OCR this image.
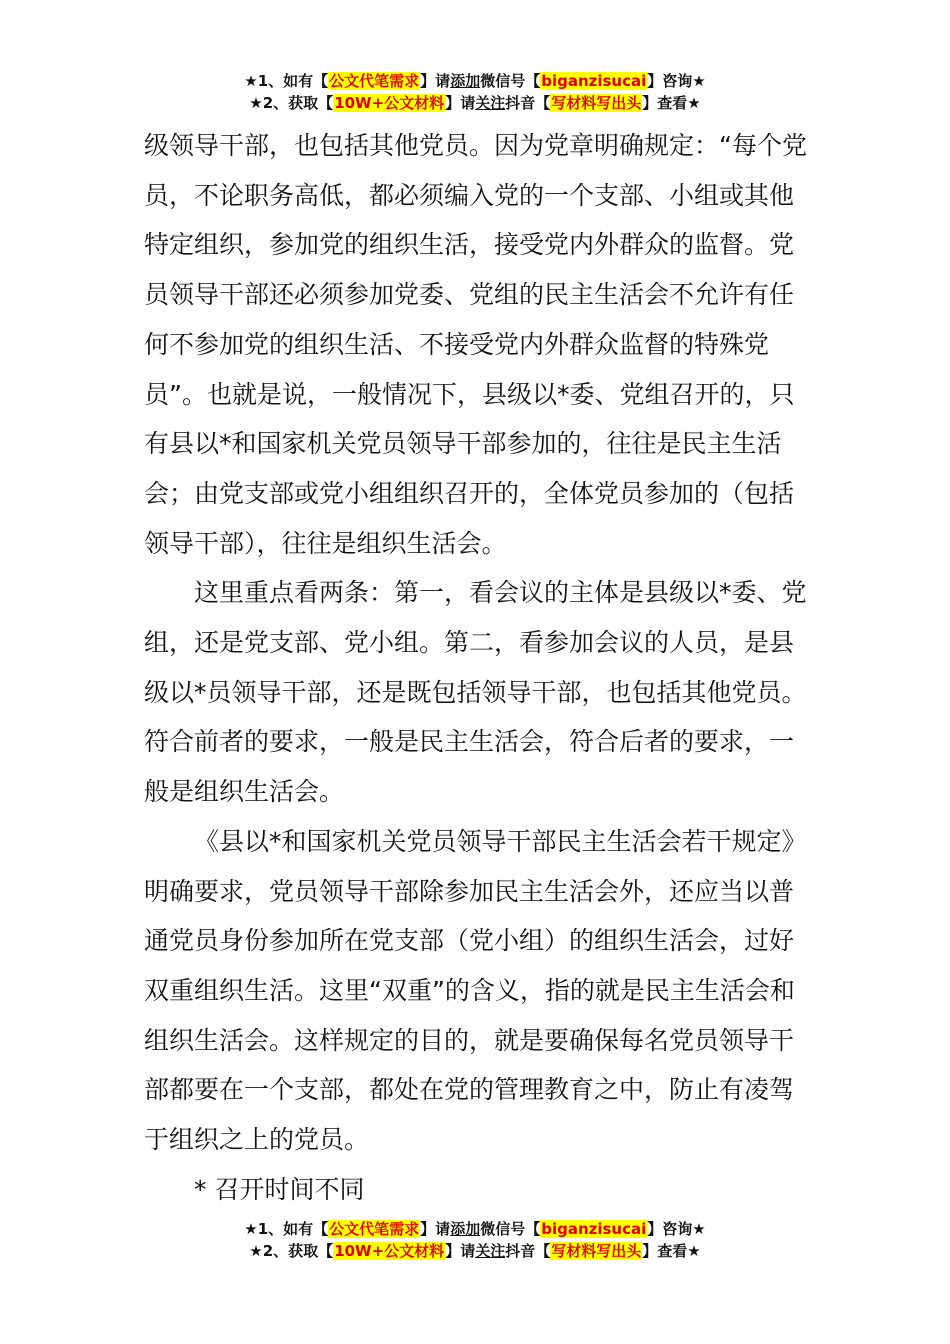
★1、如有【公文代笔需求】请添加微信号【biganzisucai】咨询★
★2、获取【10W+公文材料】请关注抖音【写材料写出头】查看★

级领导干部，也包括其他党员。因为党章明确规定：“每个党员，不论职务高低，都必须编入党的一个支部、小组或其他特定组织，参加党的组织生活，接受党内外群众的监督。党员领导干部还必须参加党委、党组的民主生活会不允许有任何不参加党的组织生活、不接受党内外群众监督的特殊党员”。也就是说，一般情况下，县级以*委、党组召开的，只有县以*和国家机关党员领导干部参加的，往往是民主生活会；由党支部或党小组组织召开的，全体党员参加的（包括领导干部），往往是组织生活会。

这里重点看两条：第一，看会议的主体是县级以*委、党组，还是党支部、党小组。第二，看参加会议的人员，是县级以*员领导干部，还是既包括领导干部，也包括其他党员。符合前者的要求，一般是民主生活会，符合后者的要求，一般是组织生活会。

《县以*和国家机关党员领导干部民主生活会若干规定》明确要求，党员领导干部除参加民主生活会外，还应当以普通党员身份参加所在党支部（党小组）的组织生活会，过好双重组织生活。这里“双重”的含义，指的就是民主生活会和组织生活会。这样规定的目的，就是要确保每名党员领导干部都要在一个支部，都处在党的管理教育之中，防止有凌驾于组织之上的党员。

* 召开时间不同

★1、如有【公文代笔需求】请添加微信号【biganzisucai】咨询★
★2、获取【10W+公文材料】请关注抖音【写材料写出头】查看★
